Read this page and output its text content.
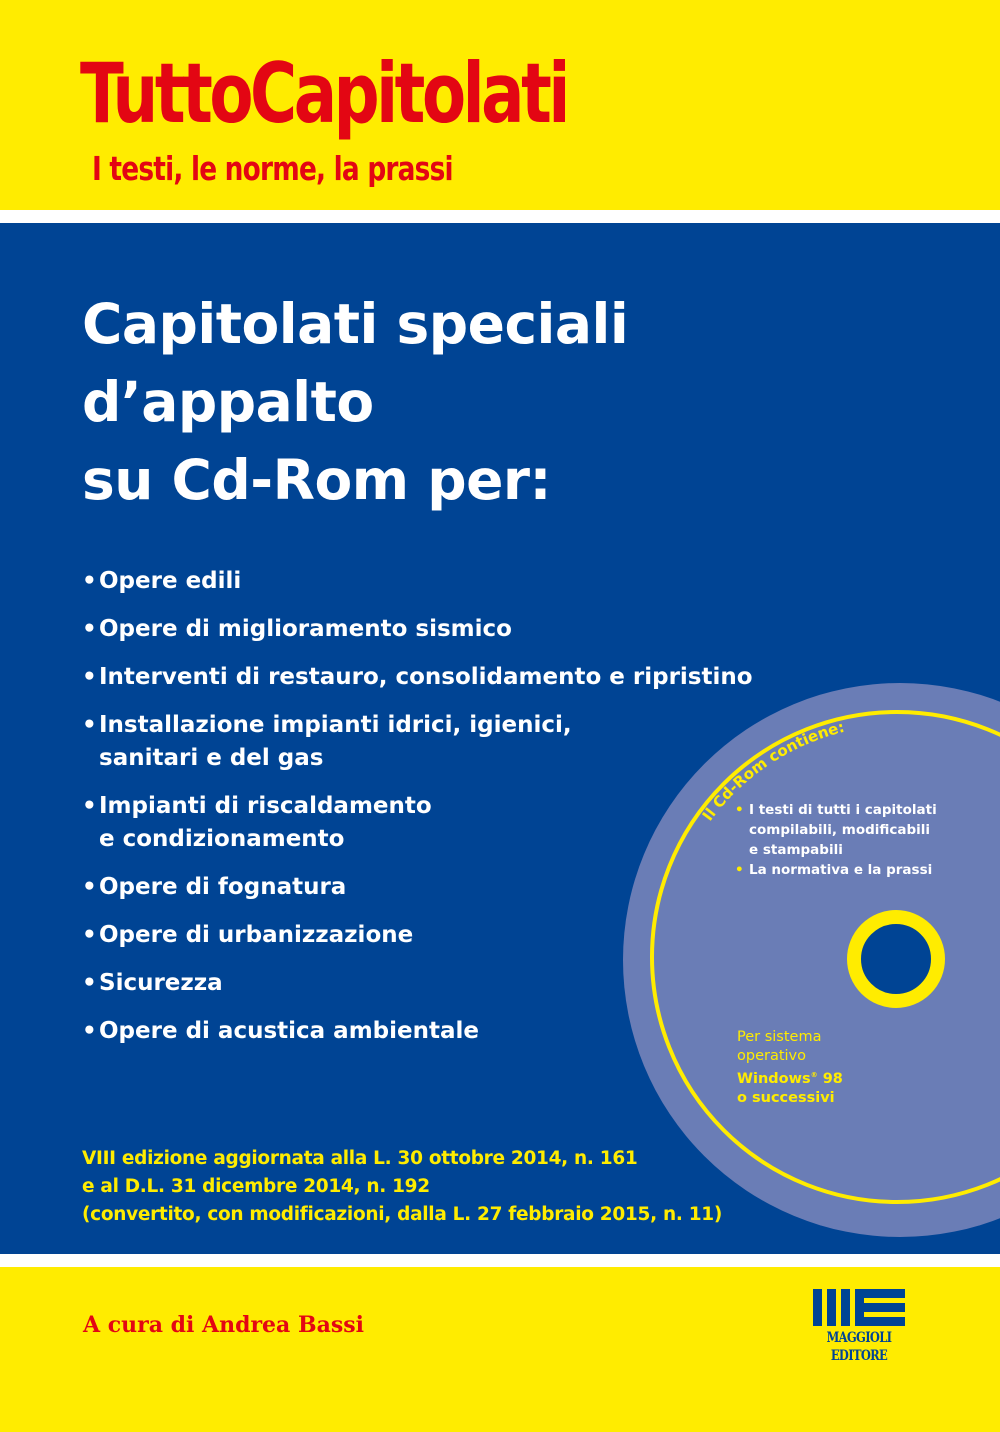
TuttoCapitolati

I testi, le norme, la prassi

Capitolati speciali
d’appalto
su Cd-Rom per:
• Opere edili
• Opere di miglioramento sismico
• Interventi di restauro, consolidamento e ripristino
• Installazione impianti idrici, igienici,
sanitari e del gas
• Impianti di riscaldamento
e condizionamento
• Opere di fognatura
• Opere di urbanizzazione
• Sicurezza
• Opere di acustica ambientale

VIII edizione aggiornata alla L. 30 ottobre 2014, n. 161
e al D.L. 31 dicembre 2014, n. 192
(convertito, con modificazioni, dalla L. 27 febbraio 2015, n. 11)

Il Cd-Rom contiene:
• I testi di tutti i capitolati
compilabili, modificabili
e stampabili
• La normativa e la prassi
Per sistema
operativo
Windows® 98
o successivi

A cura di Andrea Bassi	MAGGIOLI
EDITORE
